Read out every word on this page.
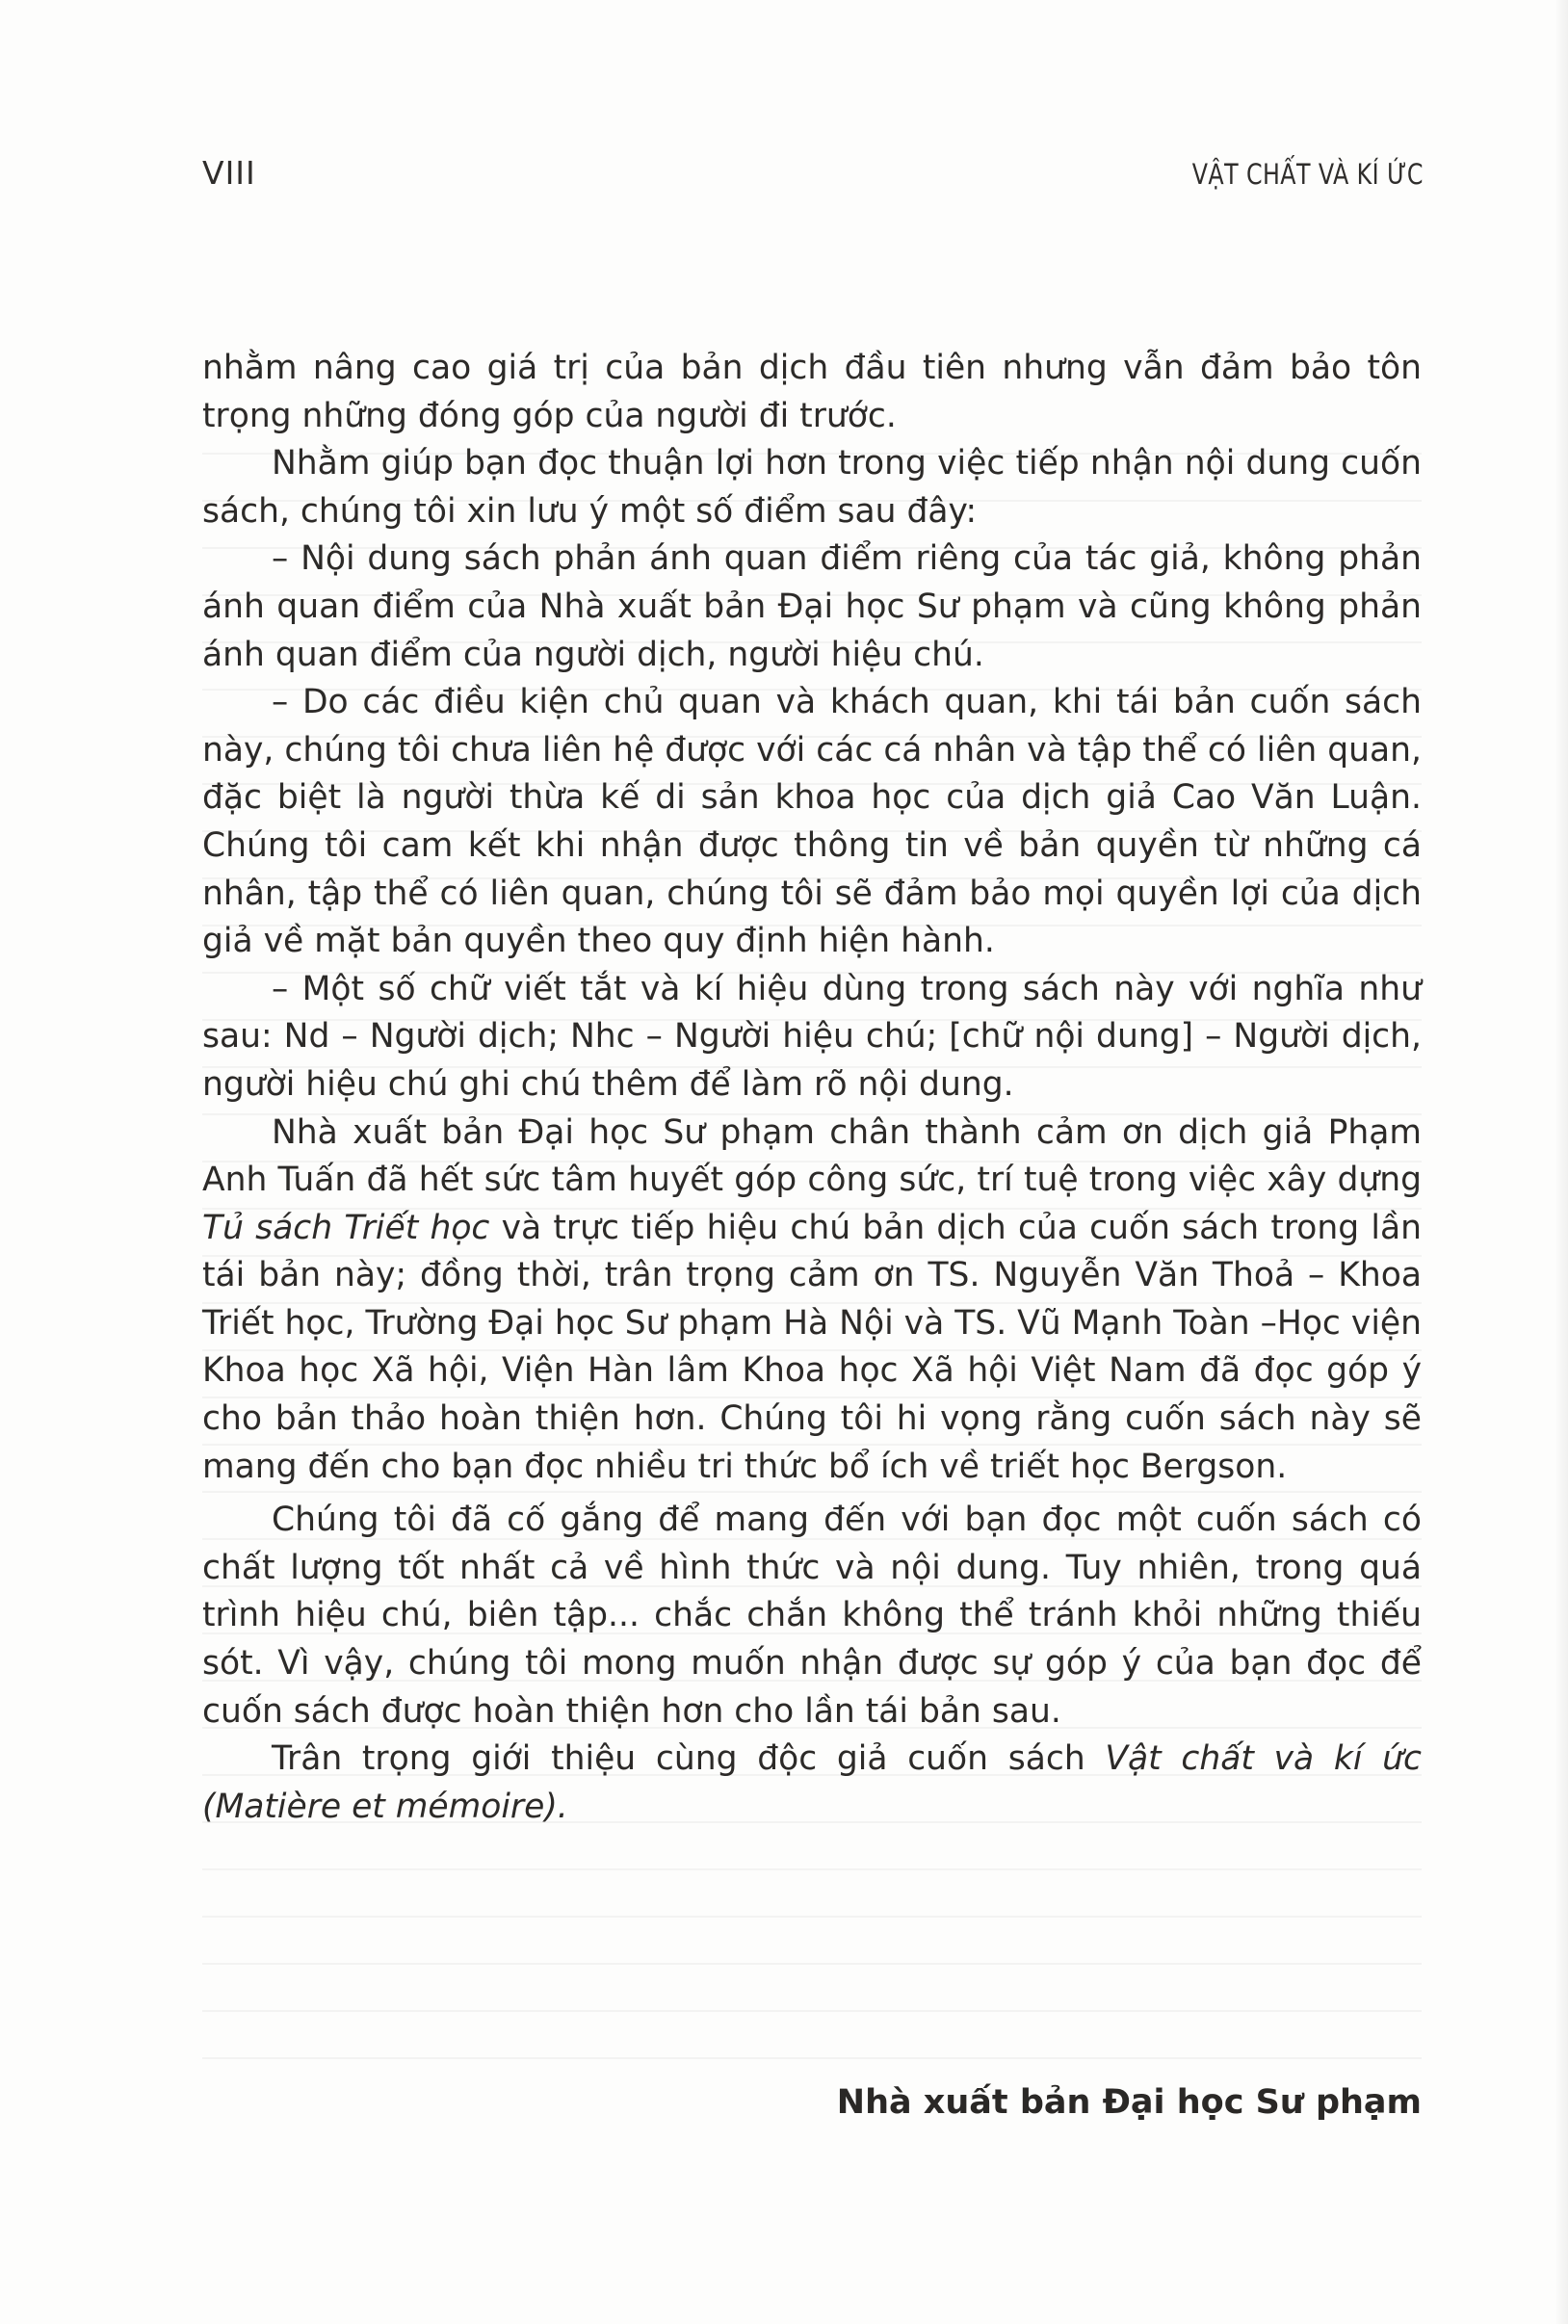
VIII	VẬT CHẤT VÀ KÍ ỨC

nhằm nâng cao giá trị của bản dịch đầu tiên nhưng vẫn đảm bảo tôn trọng những đóng góp của người đi trước.

Nhằm giúp bạn đọc thuận lợi hơn trong việc tiếp nhận nội dung cuốn sách, chúng tôi xin lưu ý một số điểm sau đây:

– Nội dung sách phản ánh quan điểm riêng của tác giả, không phản ánh quan điểm của Nhà xuất bản Đại học Sư phạm và cũng không phản ánh quan điểm của người dịch, người hiệu chú.

– Do các điều kiện chủ quan và khách quan, khi tái bản cuốn sách này, chúng tôi chưa liên hệ được với các cá nhân và tập thể có liên quan, đặc biệt là người thừa kế di sản khoa học của dịch giả Cao Văn Luận. Chúng tôi cam kết khi nhận được thông tin về bản quyền từ những cá nhân, tập thể có liên quan, chúng tôi sẽ đảm bảo mọi quyền lợi của dịch giả về mặt bản quyền theo quy định hiện hành.

– Một số chữ viết tắt và kí hiệu dùng trong sách này với nghĩa như sau: Nd – Người dịch; Nhc – Người hiệu chú; [chữ nội dung] – Người dịch, người hiệu chú ghi chú thêm để làm rõ nội dung.

Nhà xuất bản Đại học Sư phạm chân thành cảm ơn dịch giả Phạm Anh Tuấn đã hết sức tâm huyết góp công sức, trí tuệ trong việc xây dựng Tủ sách Triết học và trực tiếp hiệu chú bản dịch của cuốn sách trong lần tái bản này; đồng thời, trân trọng cảm ơn TS. Nguyễn Văn Thoả – Khoa Triết học, Trường Đại học Sư phạm Hà Nội và TS. Vũ Mạnh Toàn –Học viện Khoa học Xã hội, Viện Hàn lâm Khoa học Xã hội Việt Nam đã đọc góp ý cho bản thảo hoàn thiện hơn. Chúng tôi hi vọng rằng cuốn sách này sẽ mang đến cho bạn đọc nhiều tri thức bổ ích về triết học Bergson.

Chúng tôi đã cố gắng để mang đến với bạn đọc một cuốn sách có chất lượng tốt nhất cả về hình thức và nội dung. Tuy nhiên, trong quá trình hiệu chú, biên tập... chắc chắn không thể tránh khỏi những thiếu sót. Vì vậy, chúng tôi mong muốn nhận được sự góp ý của bạn đọc để cuốn sách được hoàn thiện hơn cho lần tái bản sau.

Trân trọng giới thiệu cùng độc giả cuốn sách Vật chất và kí ức (Matière et mémoire).

Nhà xuất bản Đại học Sư phạm
